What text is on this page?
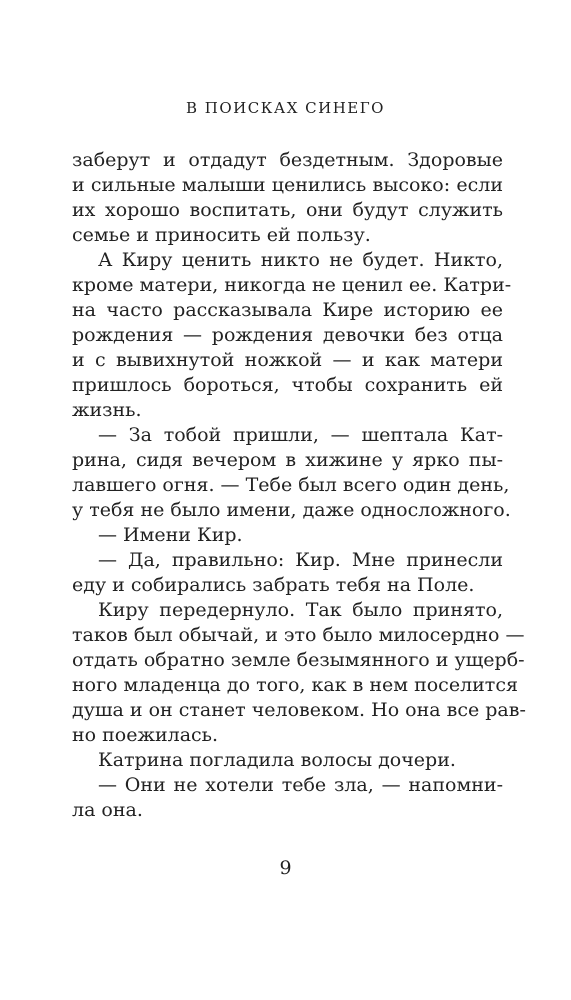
В ПОИСКАХ СИНЕГО
заберут и отдадут бездетным. Здоровые
и сильные малыши ценились высоко: если
их хорошо воспитать, они будут служить
семье и приносить ей пользу.
А Киру ценить никто не будет. Никто,
кроме матери, никогда не ценил ее. Катри-
на часто рассказывала Кире историю ее
рождения — рождения девочки без отца
и с вывихнутой ножкой — и как матери
пришлось бороться, чтобы сохранить ей
жизнь.
— За тобой пришли, — шептала Кат-
рина, сидя вечером в хижине у ярко пы-
лавшего огня. — Тебе был всего один день,
у тебя не было имени, даже односложного.
— Имени Кир.
— Да, правильно: Кир. Мне принесли
еду и собирались забрать тебя на Поле.
Киру передернуло. Так было принято,
таков был обычай, и это было милосердно —
отдать обратно земле безымянного и ущерб-
ного младенца до того, как в нем поселится
душа и он станет человеком. Но она все рав-
но поежилась.
Катрина погладила волосы дочери.
— Они не хотели тебе зла, — напомни-
ла она.
9
